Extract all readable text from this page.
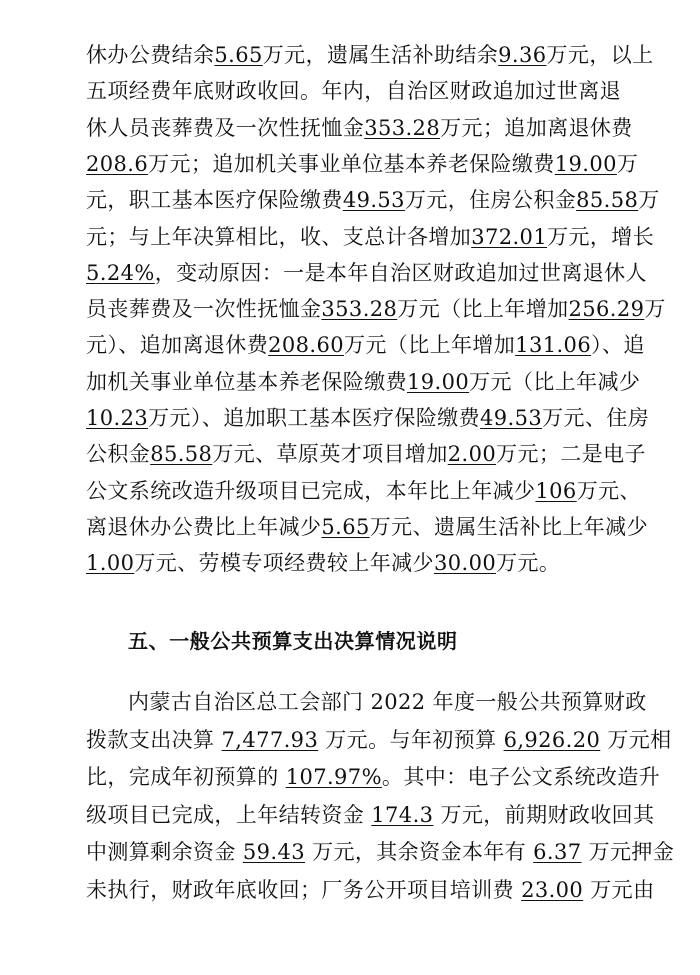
休办公费结余5.65万元，遗属生活补助结余9.36万元，以上
五项经费年底财政收回。年内，自治区财政追加过世离退
休人员丧葬费及一次性抚恤金353.28万元；追加离退休费
208.6万元；追加机关事业单位基本养老保险缴费19.00万
元，职工基本医疗保险缴费49.53万元，住房公积金85.58万
元；与上年决算相比，收、支总计各增加372.01万元，增长
5.24%，变动原因：一是本年自治区财政追加过世离退休人
员丧葬费及一次性抚恤金353.28万元（比上年增加256.29万
元）、追加离退休费208.60万元（比上年增加131.06）、追
加机关事业单位基本养老保险缴费19.00万元（比上年减少
10.23万元）、追加职工基本医疗保险缴费49.53万元、住房
公积金85.58万元、草原英才项目增加2.00万元；二是电子
公文系统改造升级项目已完成，本年比上年减少106万元、
离退休办公费比上年减少5.65万元、遗属生活补比上年减少
1.00万元、劳模专项经费较上年减少30.00万元。
五、一般公共预算支出决算情况说明
内蒙古自治区总工会部门 2022 年度一般公共预算财政
拨款支出决算 7,477.93 万元。与年初预算 6,926.20 万元相
比，完成年初预算的 107.97%。其中：电子公文系统改造升
级项目已完成，上年结转资金 174.3 万元，前期财政收回其
中测算剩余资金 59.43 万元，其余资金本年有 6.37 万元押金
未执行，财政年底收回；厂务公开项目培训费 23.00 万元由
